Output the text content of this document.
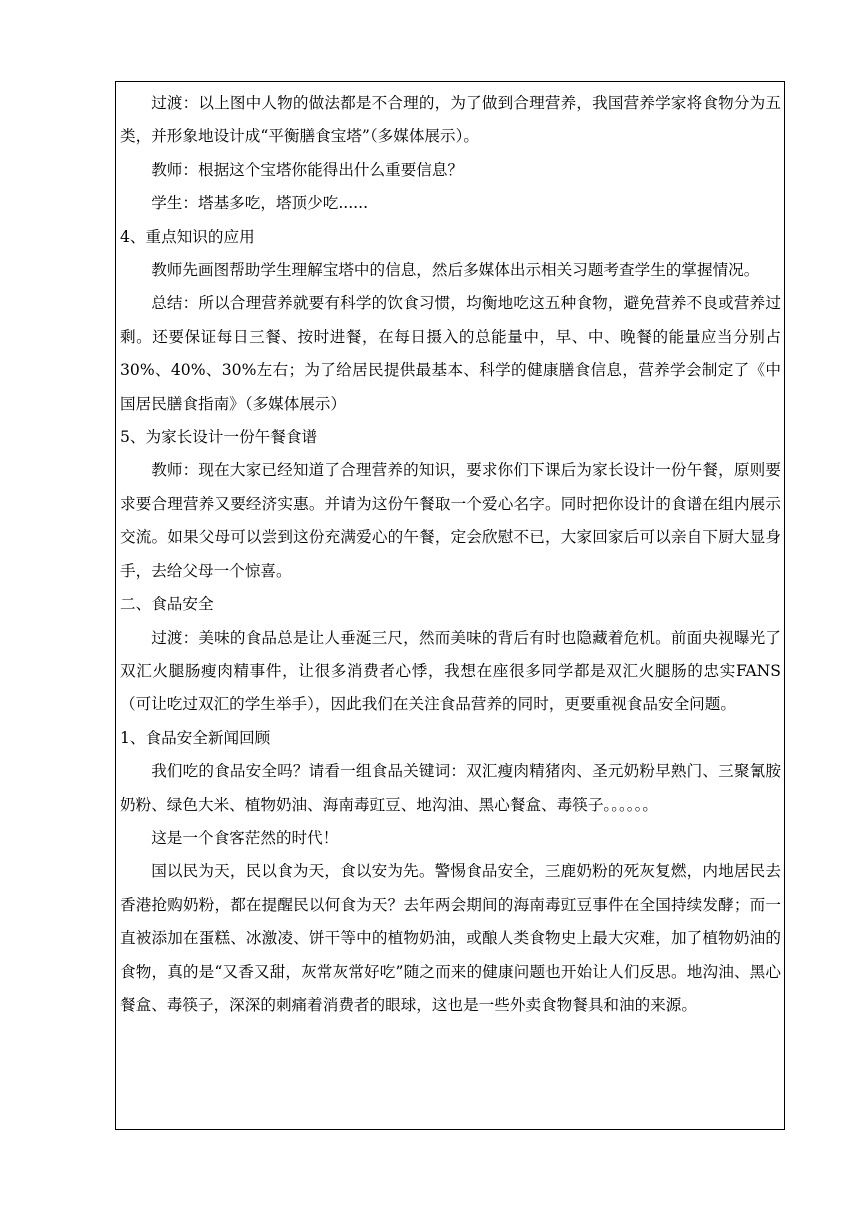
过渡：以上图中人物的做法都是不合理的，为了做到合理营养，我国营养学家将食物分为五类，并形象地设计成“平衡膳食宝塔”（多媒体展示）。

教师：根据这个宝塔你能得出什么重要信息？

学生：塔基多吃，塔顶少吃......

4、重点知识的应用

教师先画图帮助学生理解宝塔中的信息，然后多媒体出示相关习题考查学生的掌握情况。

总结：所以合理营养就要有科学的饮食习惯，均衡地吃这五种食物，避免营养不良或营养过剩。还要保证每日三餐、按时进餐，在每日摄入的总能量中，早、中、晚餐的能量应当分别占30%、40%、30%左右；为了给居民提供最基本、科学的健康膳食信息，营养学会制定了《中国居民膳食指南》（多媒体展示）

5、为家长设计一份午餐食谱

教师：现在大家已经知道了合理营养的知识，要求你们下课后为家长设计一份午餐，原则要求要合理营养又要经济实惠。并请为这份午餐取一个爱心名字。同时把你设计的食谱在组内展示交流。如果父母可以尝到这份充满爱心的午餐，定会欣慰不已，大家回家后可以亲自下厨大显身手，去给父母一个惊喜。

二、食品安全

过渡：美味的食品总是让人垂涎三尺，然而美味的背后有时也隐藏着危机。前面央视曝光了双汇火腿肠瘦肉精事件，让很多消费者心悸，我想在座很多同学都是双汇火腿肠的忠实FANS（可让吃过双汇的学生举手），因此我们在关注食品营养的同时，更要重视食品安全问题。

1、食品安全新闻回顾

我们吃的食品安全吗？请看一组食品关键词：双汇瘦肉精猪肉、圣元奶粉早熟门、三聚氰胺奶粉、绿色大米、植物奶油、海南毒豇豆、地沟油、黑心餐盒、毒筷子。。。。。。

这是一个食客茫然的时代！

国以民为天，民以食为天，食以安为先。警惕食品安全，三鹿奶粉的死灰复燃，内地居民去香港抢购奶粉，都在提醒民以何食为天？去年两会期间的海南毒豇豆事件在全国持续发酵；而一直被添加在蛋糕、冰激凌、饼干等中的植物奶油，或酿人类食物史上最大灾难，加了植物奶油的食物，真的是“又香又甜，灰常灰常好吃”随之而来的健康问题也开始让人们反思。地沟油、黑心餐盒、毒筷子，深深的刺痛着消费者的眼球，这也是一些外卖食物餐具和油的来源。
